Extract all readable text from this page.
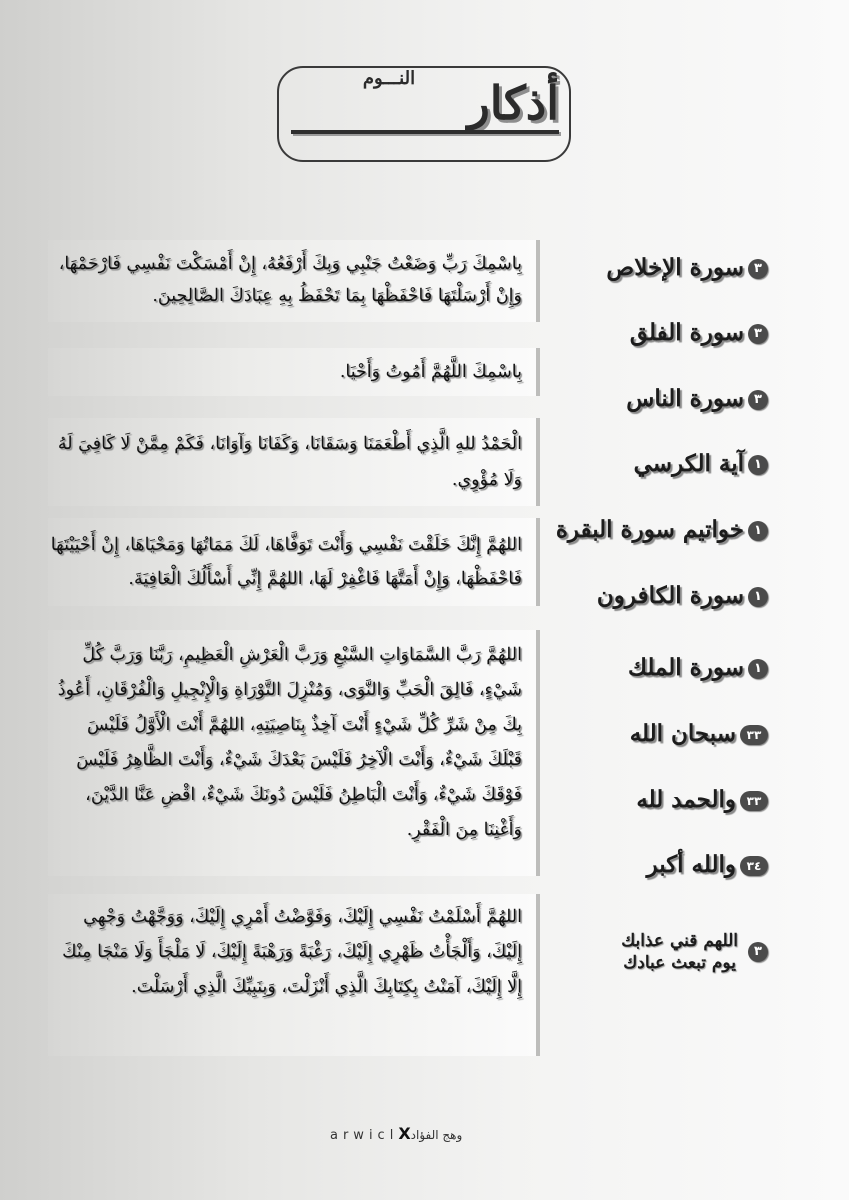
النـــوم	أذكار
بِاسْمِكَ رَبِّ وَضَعْتُ جَنْبِي وَبِكَ أَرْفَعُهُ، إِنْ أَمْسَكْتَ نَفْسِي فَارْحَمْهَا، وَإِنْ أَرْسَلْتَهَا فَاحْفَظْهَا بِمَا تَحْفَظُ بِهِ عِبَادَكَ الصَّالِحِينَ.
بِاسْمِكَ اللَّهُمَّ أَمُوتُ وَأَحْيَا.
الْحَمْدُ للهِ الَّذِي أَطْعَمَنَا وَسَقَانَا، وَكَفَانَا وَآوَانَا، فَكَمْ مِمَّنْ لَا كَافِيَ لَهُ وَلَا مُؤْوِي.
اللهُمَّ إِنَّكَ خَلَقْتَ نَفْسِي وَأَنْتَ تَوَفَّاهَا، لَكَ مَمَاتُهَا وَمَحْيَاهَا، إِنْ أَحْيَيْتَهَا فَاحْفَظْهَا، وَإِنْ أَمَتَّهَا فَاغْفِرْ لَهَا، اللهُمَّ إِنِّي أَسْأَلُكَ الْعَافِيَةَ.
اللهُمَّ رَبَّ السَّمَاوَاتِ السَّبْعِ وَرَبَّ الْعَرْشِ الْعَظِيمِ، رَبَّنَا وَرَبَّ كُلِّ شَيْءٍ، فَالِقَ الْحَبِّ وَالنَّوَى، وَمُنْزِلَ التَّوْرَاةِ وَالْإِنْجِيلِ وَالْفُرْقَانِ، أَعُوذُ بِكَ مِنْ شَرِّ كُلِّ شَيْءٍ أَنْتَ آخِذٌ بِنَاصِيَتِهِ، اللهُمَّ أَنْتَ الْأَوَّلُ فَلَيْسَ قَبْلَكَ شَيْءٌ، وَأَنْتَ الْآخِرُ فَلَيْسَ بَعْدَكَ شَيْءٌ، وَأَنْتَ الظَّاهِرُ فَلَيْسَ فَوْقَكَ شَيْءٌ، وَأَنْتَ الْبَاطِنُ فَلَيْسَ دُونَكَ شَيْءٌ، اقْضِ عَنَّا الدَّيْنَ، وَأَغْنِنَا مِنَ الْفَقْرِ.
اللهُمَّ أَسْلَمْتُ نَفْسِي إِلَيْكَ، وَفَوَّضْتُ أَمْرِي إِلَيْكَ، وَوَجَّهْتُ وَجْهِي إِلَيْكَ، وَأَلْجَأْتُ ظَهْرِي إِلَيْكَ، رَغْبَةً وَرَهْبَةً إِلَيْكَ، لَا مَلْجَأَ وَلَا مَنْجَا مِنْكَ إِلَّا إِلَيْكَ، آمَنْتُ بِكِتَابِكَ الَّذِي أَنْزَلْتَ، وَبِنَبِيِّكَ الَّذِي أَرْسَلْتَ.
٣سورة الإخلاص
٣سورة الفلق
٣سورة الناس
١آية الكرسي
١خواتيم سورة البقرة
١سورة الكافرون
١سورة الملك
٣٣سبحان الله
٣٣والحمد لله
٣٤والله أكبر
٣
اللهم قني عذابك
يوم تبعث عبادك
arwiclXوهج الفؤاد
